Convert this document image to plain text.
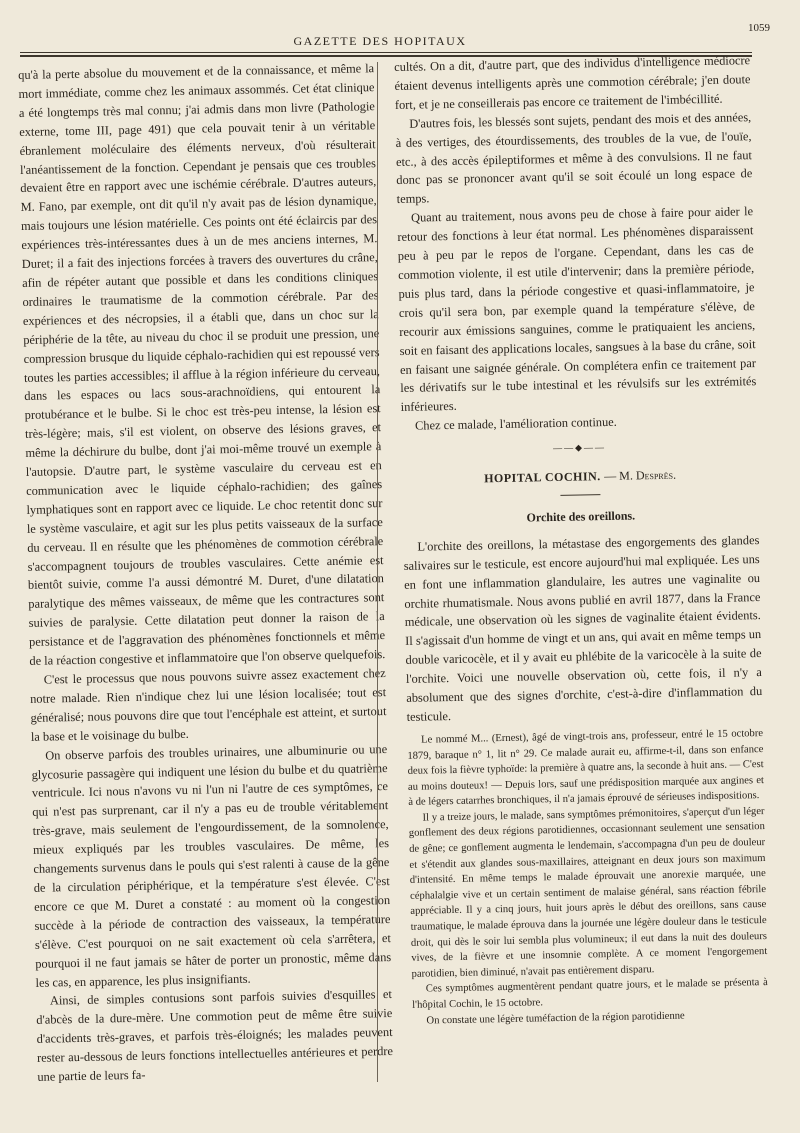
GAZETTE DES HOPITAUX
1059

qu'à la perte absolue du mouvement et de la connaissance, et même la mort immédiate, comme chez les animaux assommés. Cet état clinique a été longtemps très mal connu; j'ai admis dans mon livre (Pathologie externe, tome III, page 491) que cela pouvait tenir à un véritable ébranlement moléculaire des éléments nerveux, d'où résulterait l'anéantissement de la fonction. Cependant je pensais que ces troubles devaient être en rapport avec une ischémie cérébrale. D'autres auteurs, M. Fano, par exemple, ont dit qu'il n'y avait pas de lésion dynamique, mais toujours une lésion matérielle. Ces points ont été éclaircis par des expériences très-intéressantes dues à un de mes anciens internes, M. Duret; il a fait des injections forcées à travers des ouvertures du crâne, afin de répéter autant que possible et dans les conditions cliniques ordinaires le traumatisme de la commotion cérébrale. Par des expériences et des nécropsies, il a établi que, dans un choc sur la périphérie de la tête, au niveau du choc il se produit une pression, une compression brusque du liquide céphalo-rachidien qui est repoussé vers toutes les parties accessibles; il afflue à la région inférieure du cerveau, dans les espaces ou lacs sous-arachnoïdiens, qui entourent la protubérance et le bulbe. Si le choc est très-peu intense, la lésion est très-légère; mais, s'il est violent, on observe des lésions graves, et même la déchirure du bulbe, dont j'ai moi-même trouvé un exemple à l'autopsie. D'autre part, le système vasculaire du cerveau est en communication avec le liquide céphalo-rachidien; des gaînes lymphatiques sont en rapport avec ce liquide. Le choc retentit donc sur le système vasculaire, et agit sur les plus petits vaisseaux de la surface du cerveau. Il en résulte que les phénomènes de commotion cérébrale s'accompagnent toujours de troubles vasculaires. Cette anémie est bientôt suivie, comme l'a aussi démontré M. Duret, d'une dilatation paralytique des mêmes vaisseaux, de même que les contractures sont suivies de paralysie. Cette dilatation peut donner la raison de la persistance et de l'aggravation des phénomènes fonctionnels et même de la réaction congestive et inflammatoire que l'on observe quelquefois.

C'est le processus que nous pouvons suivre assez exactement chez notre malade. Rien n'indique chez lui une lésion localisée; tout est généralisé; nous pouvons dire que tout l'encéphale est atteint, et surtout la base et le voisinage du bulbe.

On observe parfois des troubles urinaires, une albuminurie ou une glycosurie passagère qui indiquent une lésion du bulbe et du quatrième ventricule. Ici nous n'avons vu ni l'un ni l'autre de ces symptômes, ce qui n'est pas surprenant, car il n'y a pas eu de trouble véritablement très-grave, mais seulement de l'engourdissement, de la somnolence, mieux expliqués par les troubles vasculaires. De même, les changements survenus dans le pouls qui s'est ralenti à cause de la gêne de la circulation périphérique, et la température s'est élevée. C'est encore ce que M. Duret a constaté : au moment où la congestion succède à la période de contraction des vaisseaux, la température s'élève. C'est pourquoi on ne sait exactement où cela s'arrêtera, et pourquoi il ne faut jamais se hâter de porter un pronostic, même dans les cas, en apparence, les plus insignifiants.

Ainsi, de simples contusions sont parfois suivies d'esquilles et d'abcès de la dure-mère. Une commotion peut de même être suivie d'accidents très-graves, et parfois très-éloignés; les malades peuvent rester au-dessous de leurs fonctions intellectuelles antérieures et perdre une partie de leurs fa-

cultés. On a dit, d'autre part, que des individus d'intelligence médiocre étaient devenus intelligents après une commotion cérébrale; j'en doute fort, et je ne conseillerais pas encore ce traitement de l'imbécillité.

D'autres fois, les blessés sont sujets, pendant des mois et des années, à des vertiges, des étourdissements, des troubles de la vue, de l'ouïe, etc., à des accès épileptiformes et même à des convulsions. Il ne faut donc pas se prononcer avant qu'il se soit écoulé un long espace de temps.

Quant au traitement, nous avons peu de chose à faire pour aider le retour des fonctions à leur état normal. Les phénomènes disparaissent peu à peu par le repos de l'organe. Cependant, dans les cas de commotion violente, il est utile d'intervenir; dans la première période, puis plus tard, dans la période congestive et quasi-inflammatoire, je crois qu'il sera bon, par exemple quand la température s'élève, de recourir aux émissions sanguines, comme le pratiquaient les anciens, soit en faisant des applications locales, sangsues à la base du crâne, soit en faisant une saignée générale. On complétera enfin ce traitement par les dérivatifs sur le tube intestinal et les révulsifs sur les extrémités inférieures.

Chez ce malade, l'amélioration continue.

——◆——
HOPITAL COCHIN. — M. Desprès.
Orchite des oreillons.

L'orchite des oreillons, la métastase des engorgements des glandes salivaires sur le testicule, est encore aujourd'hui mal expliquée. Les uns en font une inflammation glandulaire, les autres une vaginalite ou orchite rhumatismale. Nous avons publié en avril 1877, dans la France médicale, une observation où les signes de vaginalite étaient évidents. Il s'agissait d'un homme de vingt et un ans, qui avait en même temps un double varicocèle, et il y avait eu phlébite de la varicocèle à la suite de l'orchite. Voici une nouvelle observation où, cette fois, il n'y a absolument que des signes d'orchite, c'est-à-dire d'inflammation du testicule.

Le nommé M... (Ernest), âgé de vingt-trois ans, professeur, entré le 15 octobre 1879, baraque n° 1, lit n° 29. Ce malade aurait eu, affirme-t-il, dans son enfance deux fois la fièvre typhoïde: la première à quatre ans, la seconde à huit ans. — C'est au moins douteux! — Depuis lors, sauf une prédisposition marquée aux angines et à de légers catarrhes bronchiques, il n'a jamais éprouvé de sérieuses indispositions.

Il y a treize jours, le malade, sans symptômes prémonitoires, s'aperçut d'un léger gonflement des deux régions parotidiennes, occasionnant seulement une sensation de gêne; ce gonflement augmenta le lendemain, s'accompagna d'un peu de douleur et s'étendit aux glandes sous-maxillaires, atteignant en deux jours son maximum d'intensité. En même temps le malade éprouvait une anorexie marquée, une céphalalgie vive et un certain sentiment de malaise général, sans réaction fébrile appréciable. Il y a cinq jours, huit jours après le début des oreillons, sans cause traumatique, le malade éprouva dans la journée une légère douleur dans le testicule droit, qui dès le soir lui sembla plus volumineux; il eut dans la nuit des douleurs vives, de la fièvre et une insomnie complète. A ce moment l'engorgement parotidien, bien diminué, n'avait pas entièrement disparu.

Ces symptômes augmentèrent pendant quatre jours, et le malade se présenta à l'hôpital Cochin, le 15 octobre.

On constate une légère tuméfaction de la région parotidienne
